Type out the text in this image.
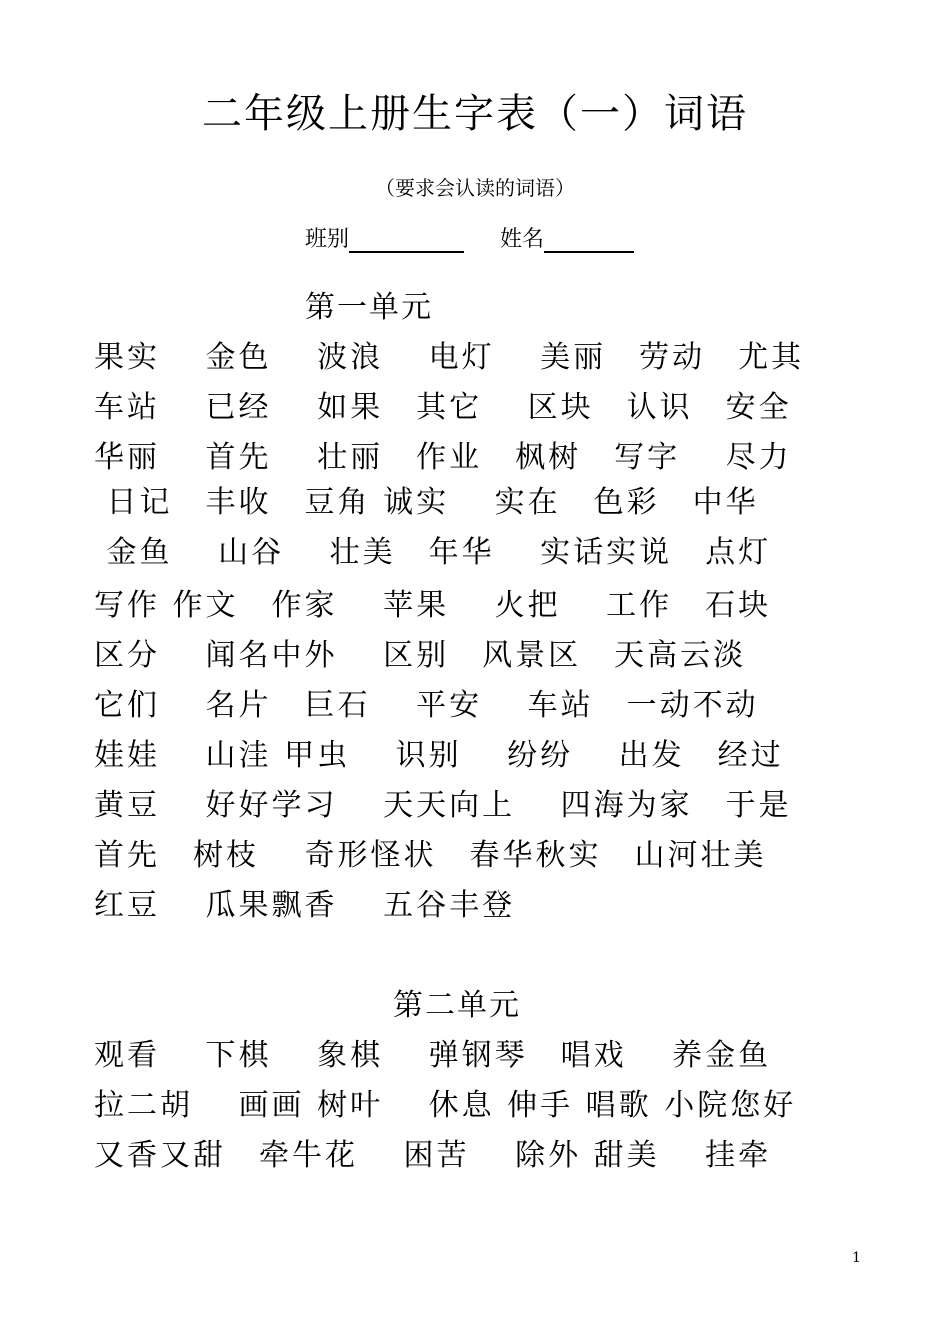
二年级上册生字表（一）词语
（要求会认读的词语）
班别	姓名
第一单元
果实　 金色　 波浪　 电灯　 美丽　劳动　尤其
车站　 已经　 如果　其它　 区块　认识　安全
华丽　 首先　 壮丽　作业　枫树　写字　 尽力
日记　丰收　豆角 诚实　 实在　色彩　中华
金鱼　 山谷　 壮美　年华　 实话实说　点灯
写作 作文　作家　 苹果　 火把　 工作　石块
区分　 闻名中外　 区别　风景区　天高云淡
它们　 名片　巨石　 平安　 车站　一动不动
娃娃　 山洼 甲虫　 识别　 纷纷　 出发　经过
黄豆　 好好学习　 天天向上　 四海为家　于是
首先　树枝　 奇形怪状　春华秋实　山河壮美
红豆　 瓜果飘香　 五谷丰登
第二单元
观看　 下棋　 象棋　 弹钢琴　唱戏　 养金鱼
拉二胡　 画画 树叶　 休息 伸手 唱歌 小院您好
又香又甜　牵牛花　 困苦　 除外 甜美　 挂牵
1
